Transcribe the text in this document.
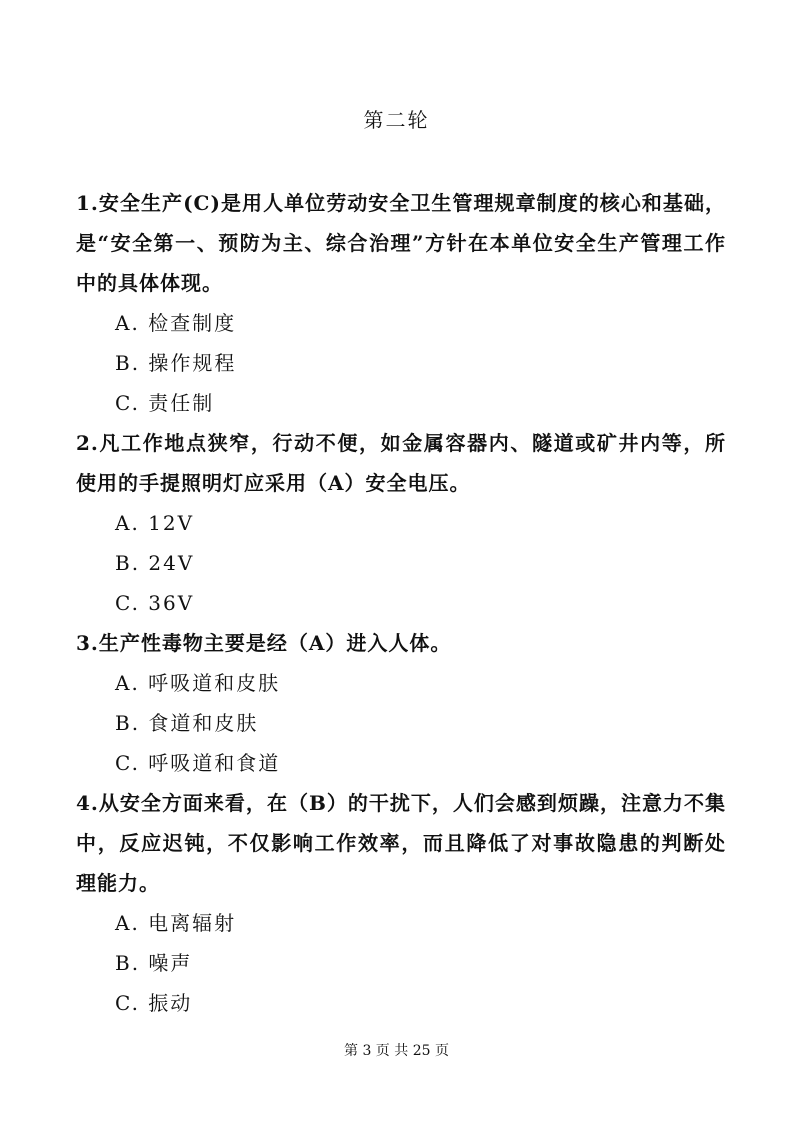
第二轮
1.安全生产(C)是用人单位劳动安全卫生管理规章制度的核心和基础，是“安全第一、预防为主、综合治理”方针在本单位安全生产管理工作中的具体体现。
A. 检查制度
B. 操作规程
C. 责任制
2.凡工作地点狭窄，行动不便，如金属容器内、隧道或矿井内等，所使用的手提照明灯应采用（A）安全电压。
A. 12V
B. 24V
C. 36V
3.生产性毒物主要是经（A）进入人体。
A. 呼吸道和皮肤
B. 食道和皮肤
C. 呼吸道和食道
4.从安全方面来看，在（B）的干扰下，人们会感到烦躁，注意力不集中，反应迟钝，不仅影响工作效率，而且降低了对事故隐患的判断处理能力。
A. 电离辐射
B. 噪声
C. 振动
第 3 页 共 25 页
